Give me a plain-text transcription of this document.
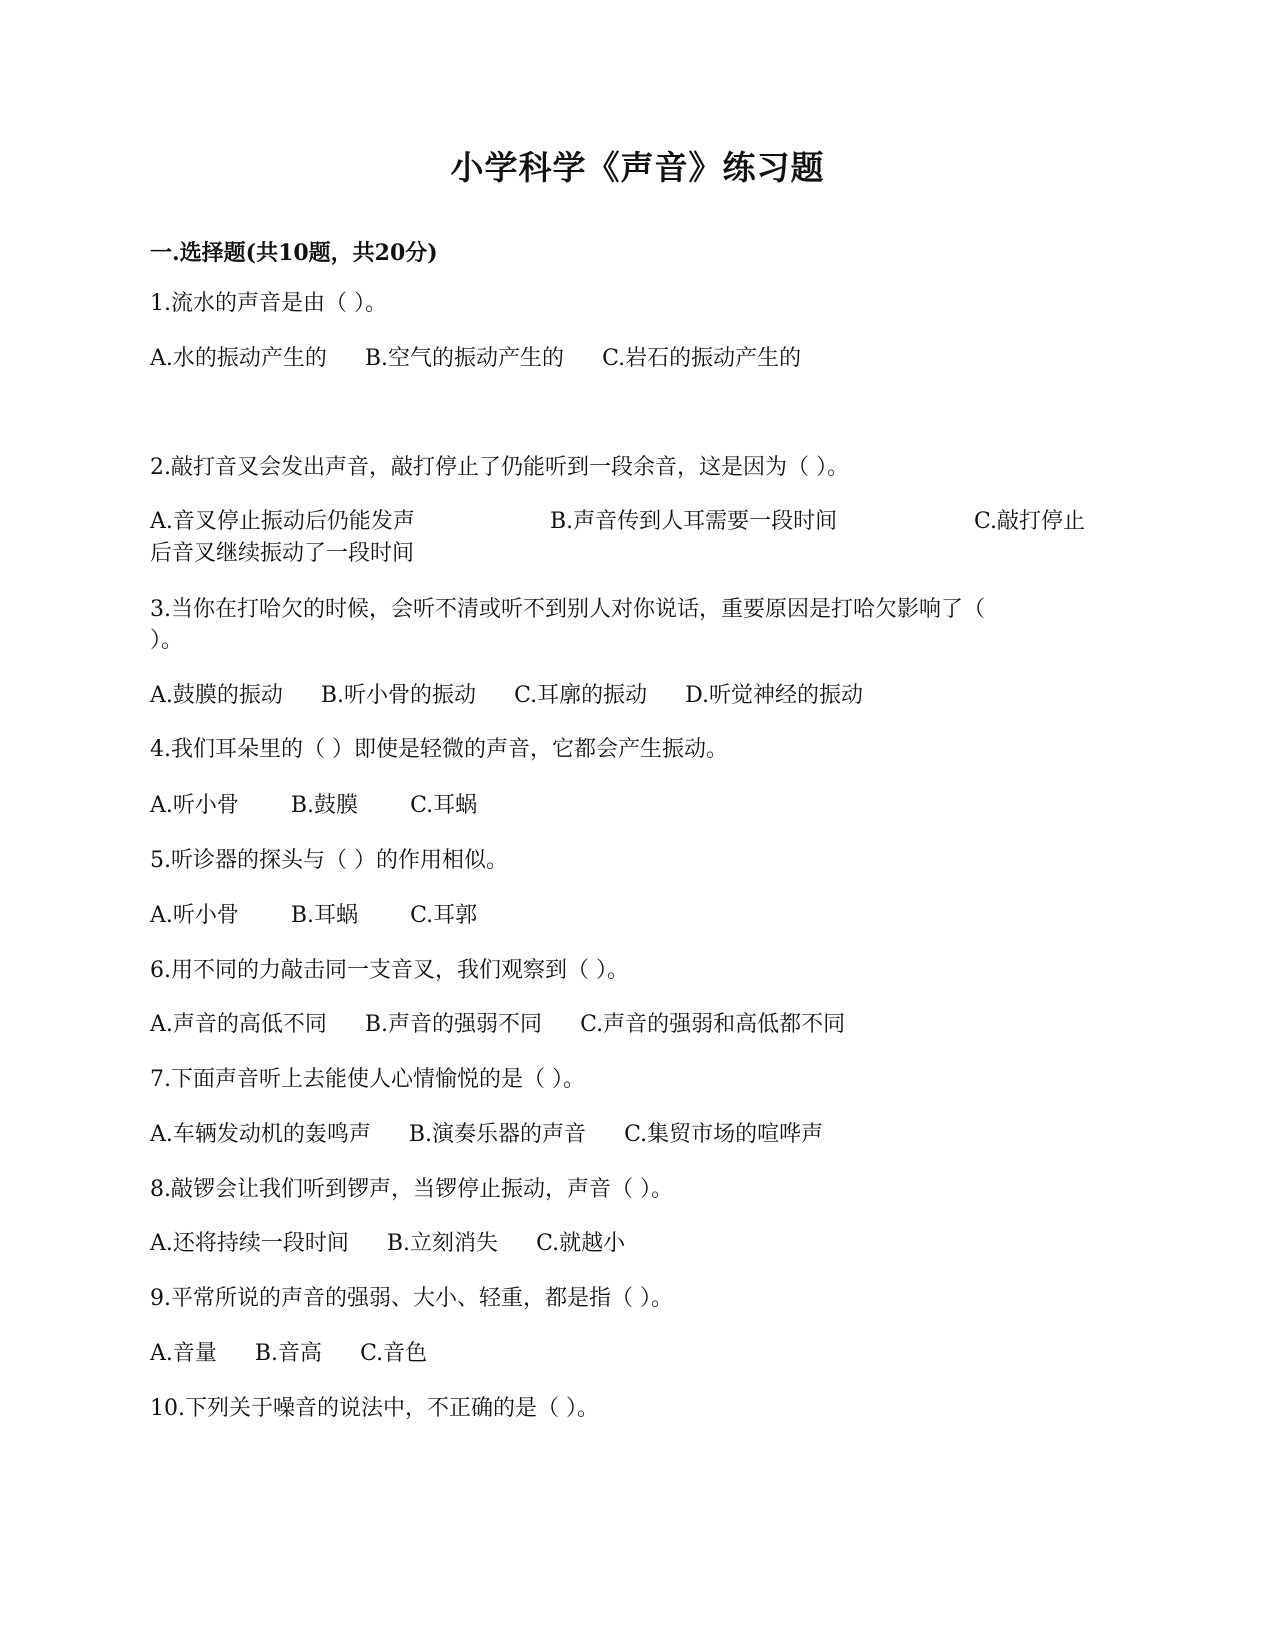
小学科学《声音》练习题
一.选择题(共10题，共20分)
1.流水的声音是由（ ）。
A.水的振动产生的 B.空气的振动产生的 C.岩石的振动产生的
2.敲打音叉会发出声音，敲打停止了仍能听到一段余音，这是因为（ ）。
A.音叉停止振动后仍能发声	B.声音传到人耳需要一段时间	C.敲打停止
后音叉继续振动了一段时间
3.当你在打哈欠的时候，会听不清或听不到别人对你说话，重要原因是打哈欠影响了（
）。
A.鼓膜的振动 B.听小骨的振动 C.耳廓的振动 D.听觉神经的振动
4.我们耳朵里的（ ）即使是轻微的声音，它都会产生振动。
A.听小骨 B.鼓膜 C.耳蜗
5.听诊器的探头与（ ）的作用相似。
A.听小骨 B.耳蜗 C.耳郭
6.用不同的力敲击同一支音叉，我们观察到（ ）。
A.声音的高低不同 B.声音的强弱不同 C.声音的强弱和高低都不同
7.下面声音听上去能使人心情愉悦的是（ ）。
A.车辆发动机的轰鸣声 B.演奏乐器的声音 C.集贸市场的喧哗声
8.敲锣会让我们听到锣声，当锣停止振动，声音（ ）。
A.还将持续一段时间 B.立刻消失 C.就越小
9.平常所说的声音的强弱、大小、轻重，都是指（ ）。
A.音量 B.音高 C.音色
10.下列关于噪音的说法中，不正确的是（ ）。
